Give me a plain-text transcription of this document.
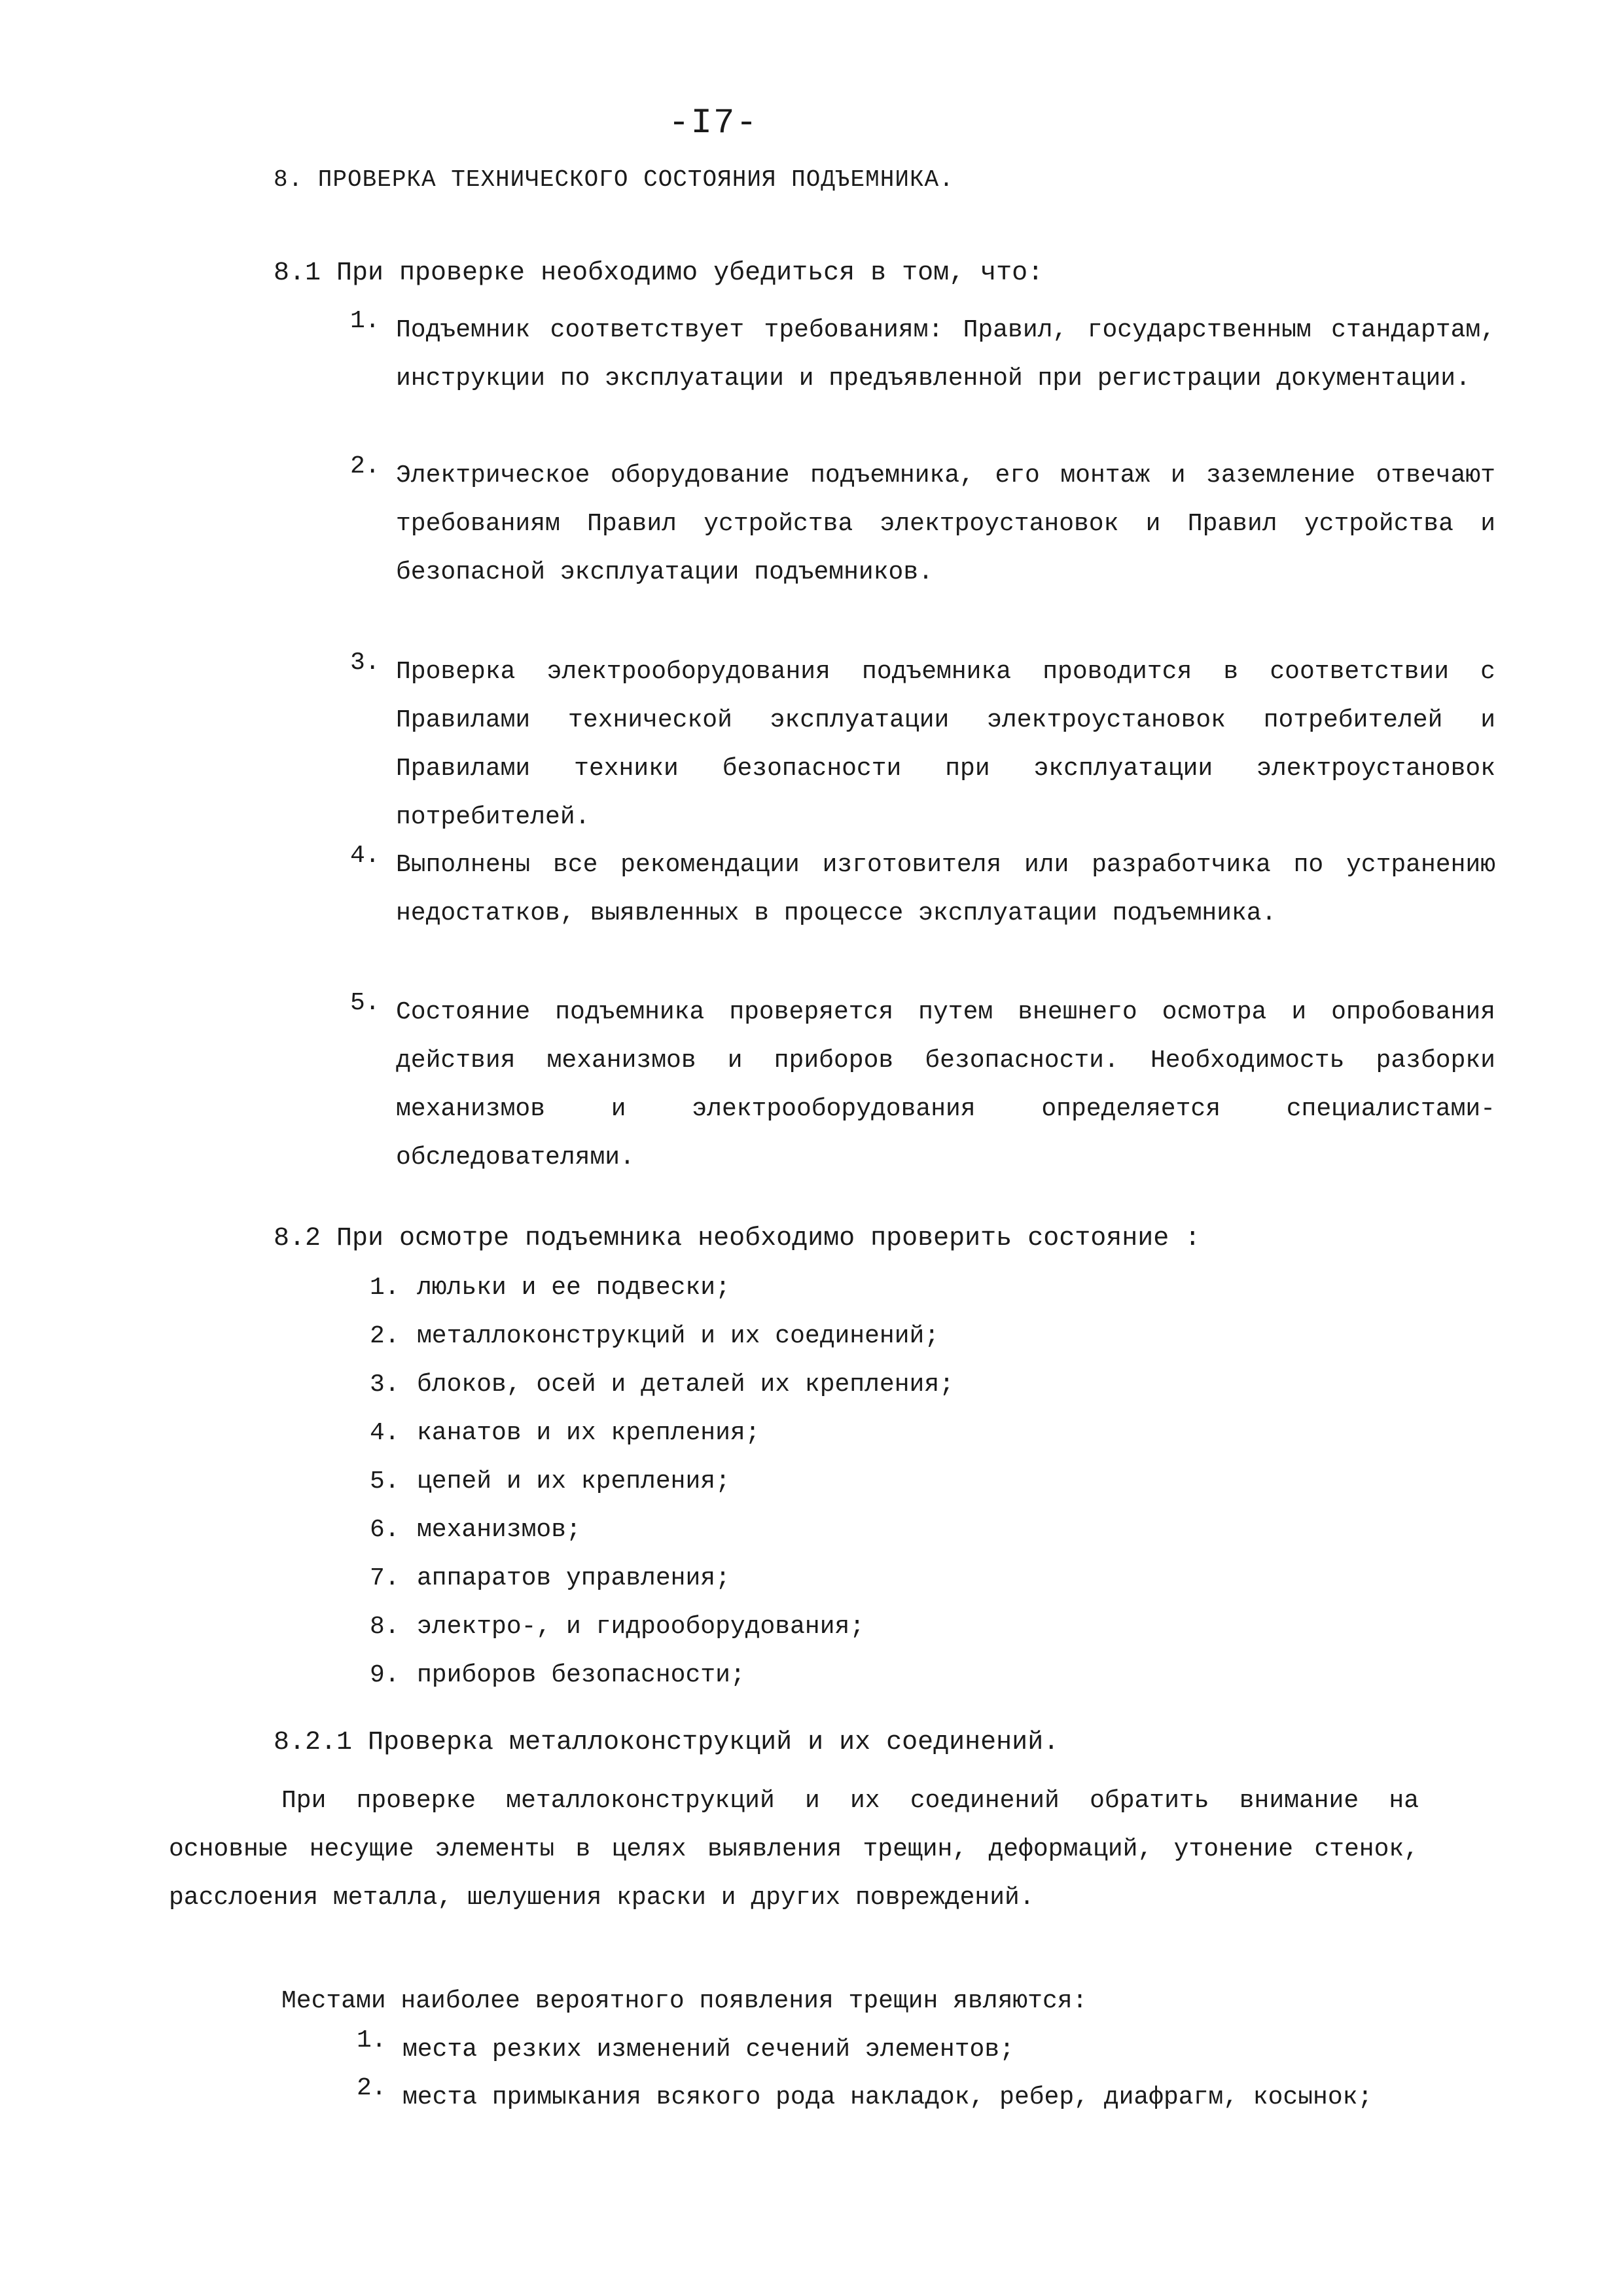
-I7-
8. ПРОВЕРКА ТЕХНИЧЕСКОГО СОСТОЯНИЯ ПОДЪЕМНИКА.
8.1 При проверке необходимо убедиться в том, что:
1. Подъемник соответствует требованиям: Правил, государственным стандартам, инструкции по эксплуатации и предъявленной при регистрации документации.
2. Электрическое оборудование подъемника, его монтаж и заземление отвечают требованиям Правил устройства электроустановок и Правил устройства и безопасной эксплуатации подъемников.
3. Проверка электрооборудования подъемника проводится в соответствии с Правилами технической эксплуатации электроустановок потребителей и Правилами техники безопасности при эксплуатации электроустановок потребителей.
4. Выполнены все рекомендации изготовителя или разработчика по устранению недостатков, выявленных в процессе эксплуатации подъемника.
5. Состояние подъемника проверяется путем внешнего осмотра и опробования действия механизмов и приборов безопасности. Необходимость разборки механизмов и электрооборудования определяется специалистами-обследователями.
8.2 При осмотре подъемника необходимо проверить состояние :
1. люльки и ее подвески;
2. металлоконструкций и их соединений;
3. блоков, осей и деталей их крепления;
4. канатов и их крепления;
5. цепей и их крепления;
6. механизмов;
7. аппаратов управления;
8. электро-, и гидрооборудования;
9. приборов безопасности;
8.2.1 Проверка металлоконструкций и их соединений.
При проверке металлоконструкций и их соединений обратить внимание на основные несущие элементы в целях выявления трещин, деформаций, утонение стенок, расслоения металла, шелушения краски и других повреждений.
Местами наиболее вероятного появления трещин являются:
1. места резких изменений сечений элементов;
2. места примыкания всякого рода накладок, ребер, диафрагм, косынок;
